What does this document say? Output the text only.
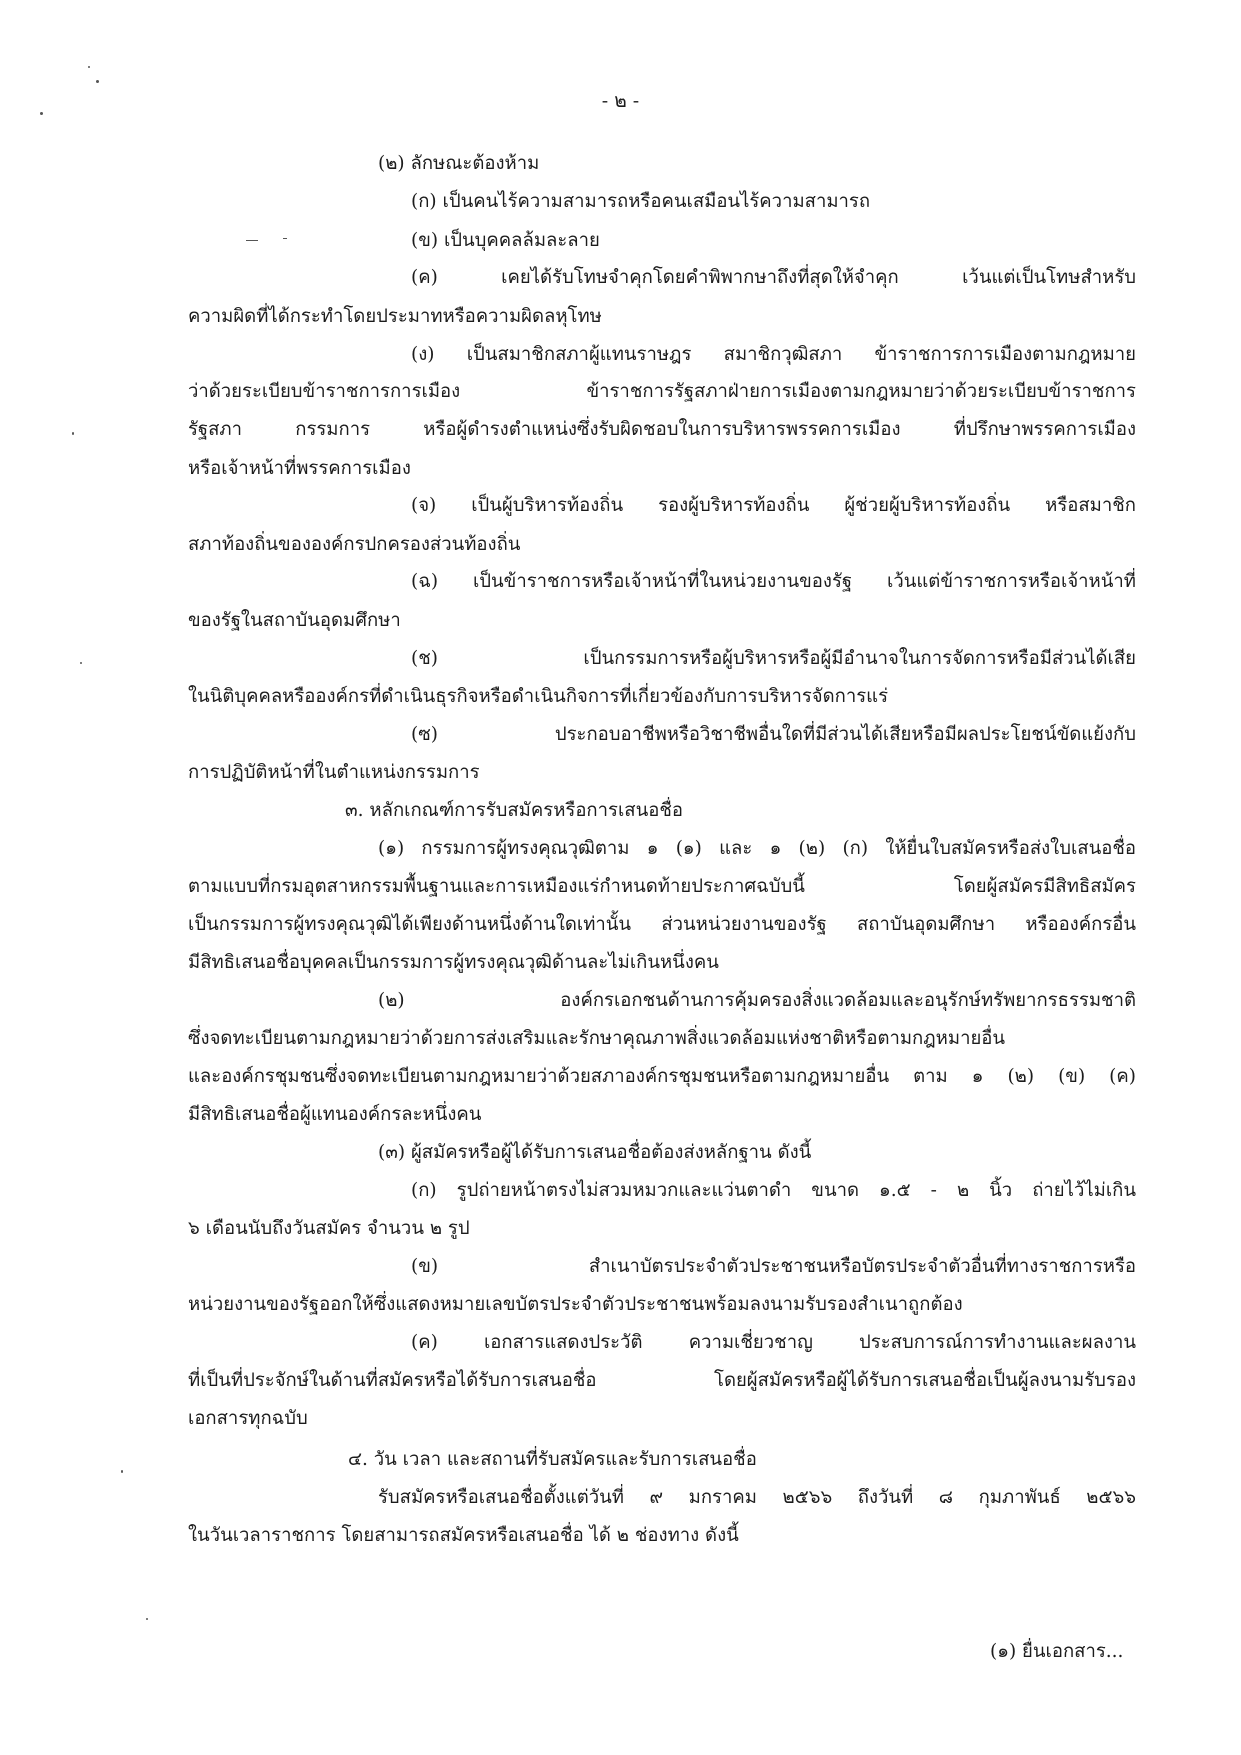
- ๒ -
(๒) ลักษณะต้องห้าม
(ก) เป็นคนไร้ความสามารถหรือคนเสมือนไร้ความสามารถ
(ข) เป็นบุคคลล้มละลาย
(ค) เคยได้รับโทษจำคุกโดยคำพิพากษาถึงที่สุดให้จำคุก เว้นแต่เป็นโทษสำหรับ
ความผิดที่ได้กระทำโดยประมาทหรือความผิดลหุโทษ
(ง) เป็นสมาชิกสภาผู้แทนราษฎร สมาชิกวุฒิสภา ข้าราชการการเมืองตามกฎหมาย
ว่าด้วยระเบียบข้าราชการการเมือง ข้าราชการรัฐสภาฝ่ายการเมืองตามกฎหมายว่าด้วยระเบียบข้าราชการ
รัฐสภา กรรมการ หรือผู้ดำรงตำแหน่งซึ่งรับผิดชอบในการบริหารพรรคการเมือง ที่ปรึกษาพรรคการเมือง
หรือเจ้าหน้าที่พรรคการเมือง
(จ) เป็นผู้บริหารท้องถิ่น รองผู้บริหารท้องถิ่น ผู้ช่วยผู้บริหารท้องถิ่น หรือสมาชิก
สภาท้องถิ่นขององค์กรปกครองส่วนท้องถิ่น
(ฉ) เป็นข้าราชการหรือเจ้าหน้าที่ในหน่วยงานของรัฐ เว้นแต่ข้าราชการหรือเจ้าหน้าที่
ของรัฐในสถาบันอุดมศึกษา
(ช) เป็นกรรมการหรือผู้บริหารหรือผู้มีอำนาจในการจัดการหรือมีส่วนได้เสีย
ในนิติบุคคลหรือองค์กรที่ดำเนินธุรกิจหรือดำเนินกิจการที่เกี่ยวข้องกับการบริหารจัดการแร่
(ซ) ประกอบอาชีพหรือวิชาชีพอื่นใดที่มีส่วนได้เสียหรือมีผลประโยชน์ขัดแย้งกับ
การปฏิบัติหน้าที่ในตำแหน่งกรรมการ
๓. หลักเกณฑ์การรับสมัครหรือการเสนอชื่อ
(๑) กรรมการผู้ทรงคุณวุฒิตาม ๑ (๑) และ ๑ (๒) (ก) ให้ยื่นใบสมัครหรือส่งใบเสนอชื่อ
ตามแบบที่กรมอุตสาหกรรมพื้นฐานและการเหมืองแร่กำหนดท้ายประกาศฉบับนี้ โดยผู้สมัครมีสิทธิสมัคร
เป็นกรรมการผู้ทรงคุณวุฒิได้เพียงด้านหนึ่งด้านใดเท่านั้น ส่วนหน่วยงานของรัฐ สถาบันอุดมศึกษา หรือองค์กรอื่น
มีสิทธิเสนอชื่อบุคคลเป็นกรรมการผู้ทรงคุณวุฒิด้านละไม่เกินหนึ่งคน
(๒) องค์กรเอกชนด้านการคุ้มครองสิ่งแวดล้อมและอนุรักษ์ทรัพยากรธรรมชาติ
ซึ่งจดทะเบียนตามกฎหมายว่าด้วยการส่งเสริมและรักษาคุณภาพสิ่งแวดล้อมแห่งชาติหรือตามกฎหมายอื่น
และองค์กรชุมชนซึ่งจดทะเบียนตามกฎหมายว่าด้วยสภาองค์กรชุมชนหรือตามกฎหมายอื่น ตาม ๑ (๒) (ข) (ค)
มีสิทธิเสนอชื่อผู้แทนองค์กรละหนึ่งคน
(๓) ผู้สมัครหรือผู้ได้รับการเสนอชื่อต้องส่งหลักฐาน ดังนี้
(ก) รูปถ่ายหน้าตรงไม่สวมหมวกและแว่นตาดำ ขนาด ๑.๕ - ๒ นิ้ว ถ่ายไว้ไม่เกิน
๖ เดือนนับถึงวันสมัคร จำนวน ๒ รูป
(ข) สำเนาบัตรประจำตัวประชาชนหรือบัตรประจำตัวอื่นที่ทางราชการหรือ
หน่วยงานของรัฐออกให้ซึ่งแสดงหมายเลขบัตรประจำตัวประชาชนพร้อมลงนามรับรองสำเนาถูกต้อง
(ค) เอกสารแสดงประวัติ ความเชี่ยวชาญ ประสบการณ์การทำงานและผลงาน
ที่เป็นที่ประจักษ์ในด้านที่สมัครหรือได้รับการเสนอชื่อ โดยผู้สมัครหรือผู้ได้รับการเสนอชื่อเป็นผู้ลงนามรับรอง
เอกสารทุกฉบับ
๔. วัน เวลา และสถานที่รับสมัครและรับการเสนอชื่อ
รับสมัครหรือเสนอชื่อตั้งแต่วันที่ ๙ มกราคม ๒๕๖๖ ถึงวันที่ ๘ กุมภาพันธ์ ๒๕๖๖
ในวันเวลาราชการ โดยสามารถสมัครหรือเสนอชื่อ ได้ ๒ ช่องทาง ดังนี้
(๑) ยื่นเอกสาร...
